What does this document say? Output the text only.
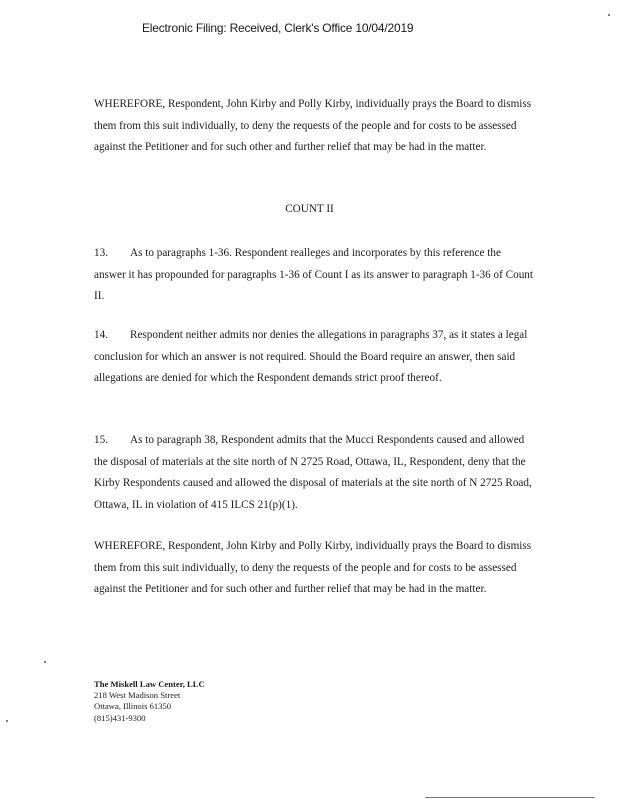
Electronic Filing: Received, Clerk's Office 10/04/2019

WHEREFORE, Respondent, John Kirby and Polly Kirby, individually prays the Board to dismiss them from this suit individually, to deny the requests of the people and for costs to be assessed against the Petitioner and for such other and further relief that may be had in the matter.

COUNT II

13. As to paragraphs 1-36. Respondent realleges and incorporates by this reference the answer it has propounded for paragraphs 1-36 of Count I as its answer to paragraph 1-36 of Count II.

14. Respondent neither admits nor denies the allegations in paragraphs 37, as it states a legal conclusion for which an answer is not required. Should the Board require an answer, then said allegations are denied for which the Respondent demands strict proof thereof.

15. As to paragraph 38, Respondent admits that the Mucci Respondents caused and allowed the disposal of materials at the site north of N 2725 Road, Ottawa, IL, Respondent, deny that the Kirby Respondents caused and allowed the disposal of materials at the site north of N 2725 Road, Ottawa, IL in violation of 415 ILCS 21(p)(1).

WHEREFORE, Respondent, John Kirby and Polly Kirby, individually prays the Board to dismiss them from this suit individually, to deny the requests of the people and for costs to be assessed against the Petitioner and for such other and further relief that may be had in the matter.

The Miskell Law Center, LLC
218 West Madison Street
Ottawa, Illinois 61350
(815)431-9300
